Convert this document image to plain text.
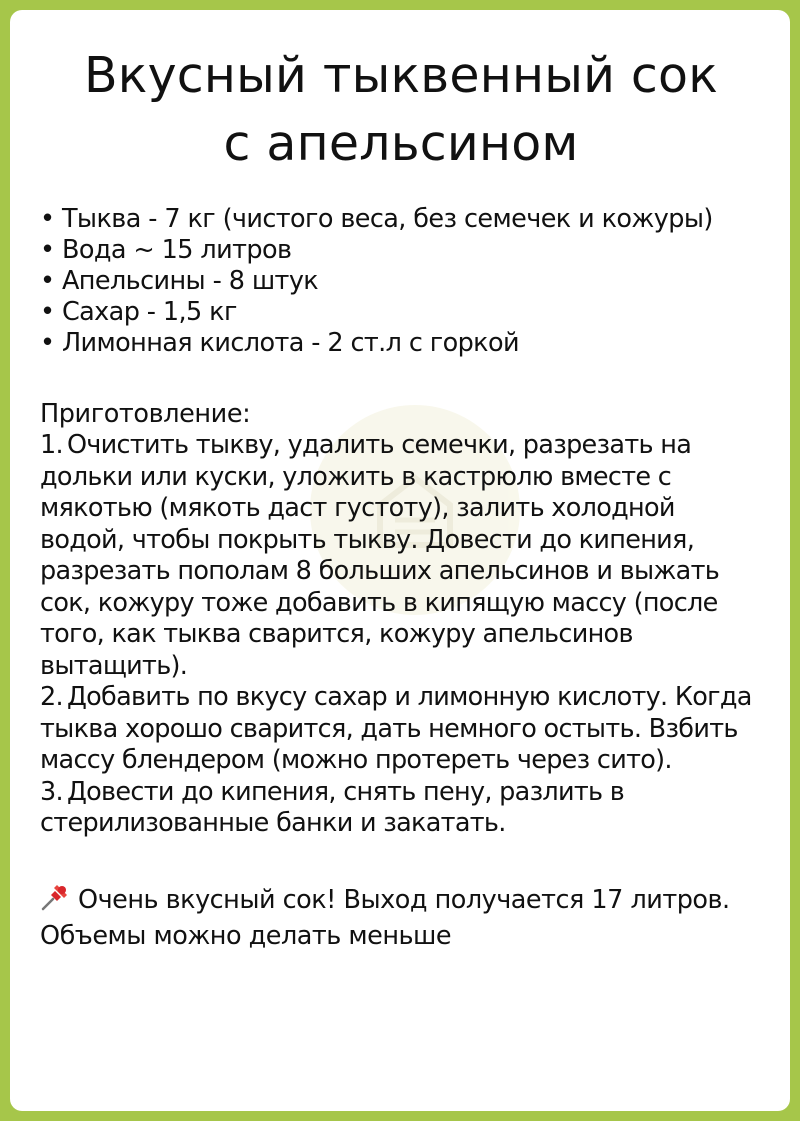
Вкусный тыквенный сок
с апельсином
• Тыква - 7 кг (чистого веса, без семечек и кожуры)
• Вода ~ 15 литров
• Апельсины - 8 штук
• Сахар - 1,5 кг
• Лимонная кислота - 2 ст.л с горкой

Приготовление:

1. Очистить тыкву, удалить семечки, разрезать на дольки или куски, уложить в кастрюлю вместе с мякотью (мякоть даст густоту), залить холодной водой, чтобы покрыть тыкву. Довести до кипения, разрезать пополам 8 больших апельсинов и выжать сок, кожуру тоже добавить в кипящую массу (после того, как тыква сварится, кожуру апельсинов вытащить).
2. Добавить по вкусу сахар и лимонную кислоту. Когда тыква хорошо сварится, дать немного остыть. Взбить массу блендером (можно протереть через сито).
3. Довести до кипения, снять пену, разлить в стерилизованные банки и закатать.

Очень вкусный сок! Выход получается 17 литров. Объемы можно делать меньше
